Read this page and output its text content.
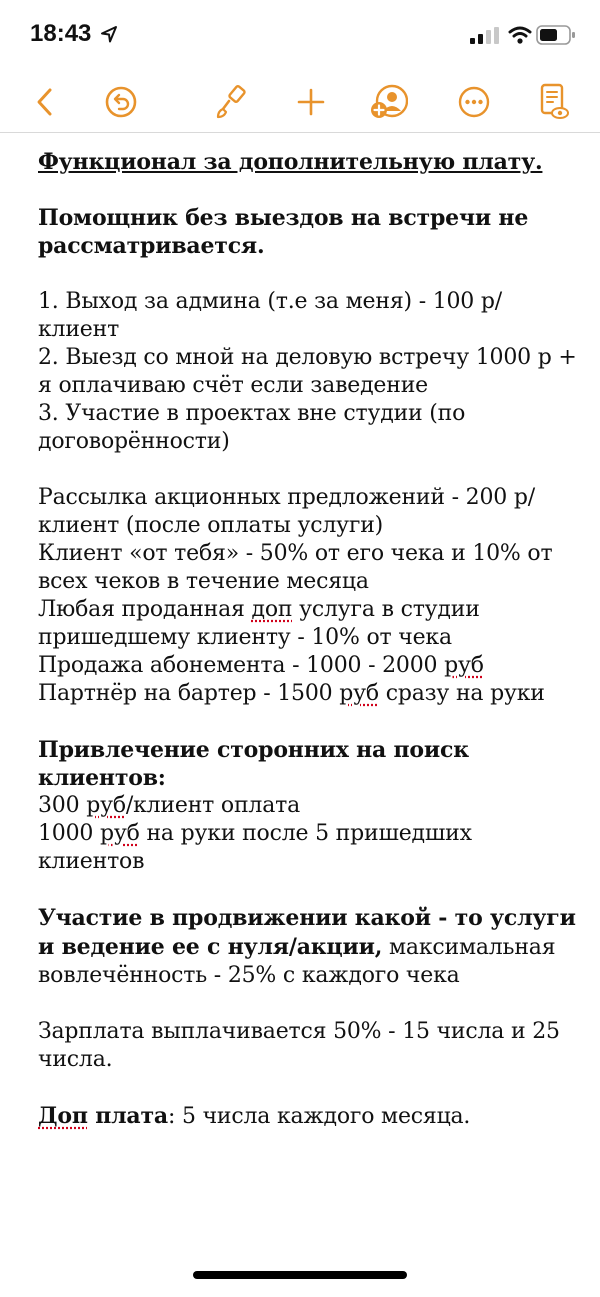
18:43

Функционал за дополнительную плату.

Помощник без выездов на встречи не рассматривается.

1. Выход за админа (т.е за меня) - 100 р/клиент

2. Выезд со мной на деловую встречу 1000 р + я оплачиваю счёт если заведение

3. Участие в проектах вне студии (по договорённости)

Рассылка акционных предложений - 200 р/клиент (после оплаты услуги)

Клиент «от тебя» - 50% от его чека и 10% от всех чеков в течение месяца

Любая проданная доп услуга в студии пришедшему клиенту - 10% от чека

Продажа абонемента - 1000 - 2000 руб

Партнёр на бартер - 1500 руб сразу на руки

Привлечение сторонних на поиск клиентов:

300 руб/клиент оплата

1000 руб на руки после 5 пришедших клиентов

Участие в продвижении какой - то услуги и ведение ее с нуля/акции, максимальная вовлечённость - 25% с каждого чека

Зарплата выплачивается 50% - 15 числа и 25 числа.

Доп плата: 5 числа каждого месяца.
